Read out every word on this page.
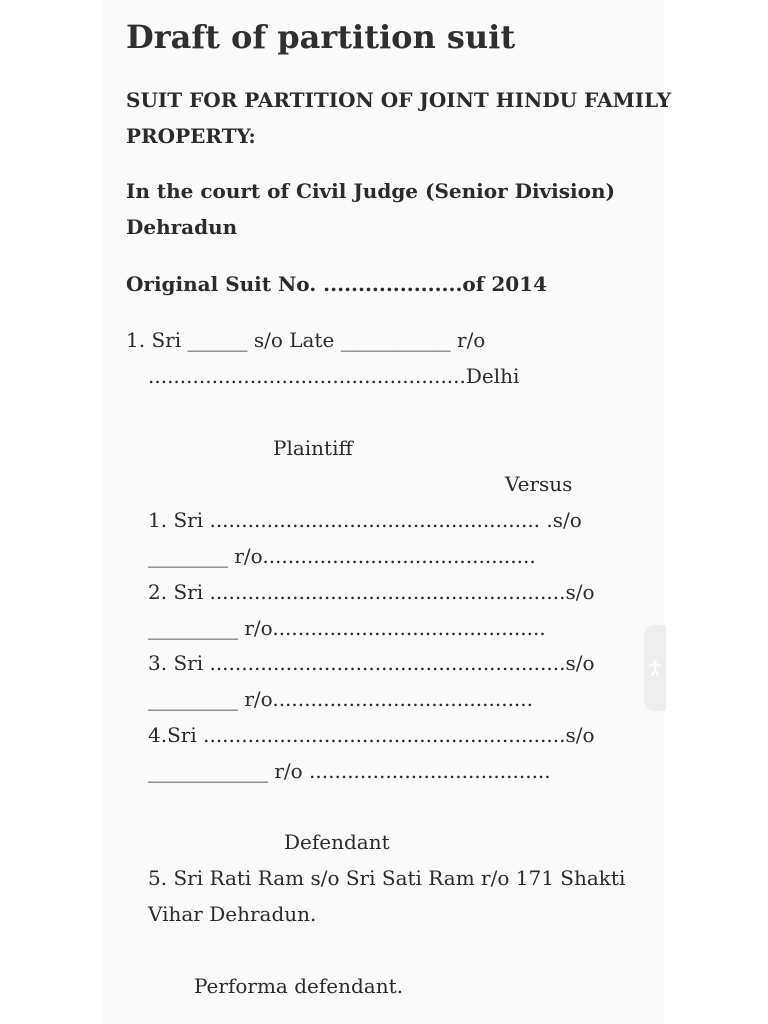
Draft of partition suit
SUIT FOR PARTITION OF JOINT HINDU FAMILY
PROPERTY:
In the court of Civil Judge (Senior Division)
Dehradun
Original Suit No. ....................of 2014
1. Sri ______ s/o Late ___________ r/o
..................................................Delhi
Plaintiff
Versus
1. Sri .................................................... .s/o
________ r/o...........................................
2. Sri ........................................................s/o
_________ r/o...........................................
3. Sri ........................................................s/o
_________ r/o.........................................
4.Sri .........................................................s/o
____________ r/o ......................................
Defendant
5. Sri Rati Ram s/o Sri Sati Ram r/o 171 Shakti
Vihar Dehradun.
Performa defendant.
